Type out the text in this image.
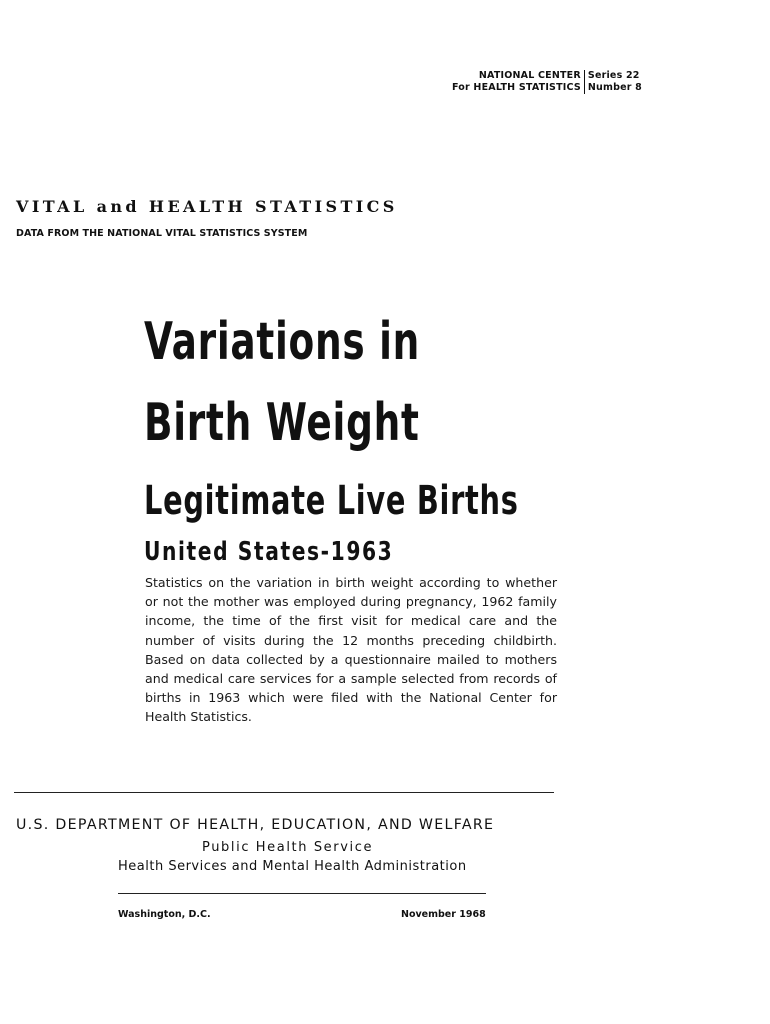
NATIONAL CENTER	Series 22
For HEALTH STATISTICS	Number 8
VITAL and HEALTH STATISTICS
DATA FROM THE NATIONAL VITAL STATISTICS SYSTEM
Variations in
Birth Weight
Legitimate Live Births
United States-1963
Statistics on the variation in birth weight according to whether or not the mother was employed during pregnancy, 1962 family income, the time of the first visit for medical care and the number of visits during the 12 months preceding childbirth. Based on data collected by a questionnaire mailed to mothers and medical care services for a sample selected from records of births in 1963 which were filed with the National Center for Health Statistics.
U.S. DEPARTMENT OF HEALTH, EDUCATION, AND WELFARE
Public Health Service
Health Services and Mental Health Administration
Washington, D.C.	November 1968
